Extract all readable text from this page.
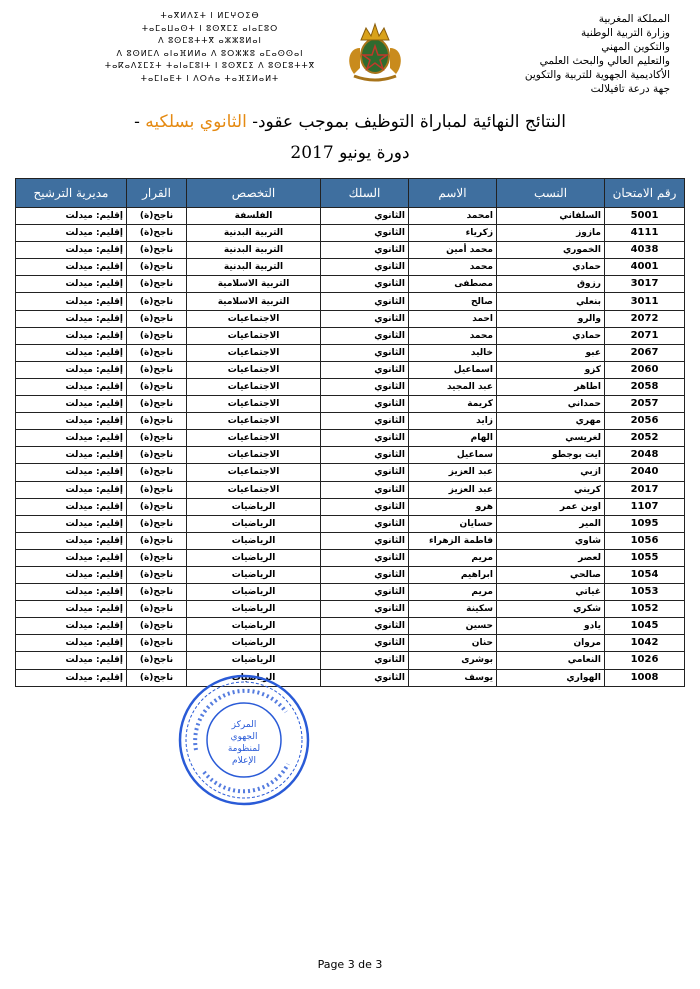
المملكة المغربية
وزارة التربية الوطنية
والتكوين المهني
والتعليم العالي والبحث العلمي
الأكاديمية الجهوية للتربية والتكوين
جهة درعة تافيلالت
ⵜⴰⴳⵍⴷⵉⵜ ⵏ ⵍⵎⵖⵔⵉⴱ
ⵜⴰⵎⴰⵡⴰⵙⵜ ⵏ ⵓⵙⴳⵎⵉ ⴰⵏⴰⵎⵓⵔ
ⴷ ⵓⵙⵎⵓⵜⵜⴳ ⴰⵣⵣⵓⵍⴰⵏ
ⴷ ⵓⵙⵍⵎⴷ ⴰⵏⴰⴼⵍⵍⴰ ⴷ ⵓⵔⵣⵣⵓ ⴰⵎⴰⵙⵙⴰⵏ
ⵜⴰⴽⴰⴷⵉⵎⵉⵜ ⵜⴰⵏⴰⵎⵓⵏⵜ ⵏ ⵓⵙⴳⵎⵉ ⴷ ⵓⵙⵎⵓⵜⵜⴳ
ⵜⴰⵎⵏⴰⴹⵜ ⵏ ⴷⵔⵄⴰ ⵜⴰⴼⵉⵍⴰⵍⵜ
النتائج النهائية لمباراة التوظيف بموجب عقود- الثانوي بسلكيه -
دورة يونيو 2017
رقم الامتحان	النسب	الاسم	السلك	التخصص	القرار	مديرية الترشيح
5001	السلفاني	امحمد	الثانوي	الفلسفة	ناجح(ة)	إقليم: ميدلت
4111	مازوز	زكرياء	الثانوي	التربية البدنية	ناجح(ة)	إقليم: ميدلت
4038	الخموري	محمد أمين	الثانوي	التربية البدنية	ناجح(ة)	إقليم: ميدلت
4001	حمادي	محمد	الثانوي	التربية البدنية	ناجح(ة)	إقليم: ميدلت
3017	رزوق	مصطفى	الثانوي	التربية الاسلامية	ناجح(ة)	إقليم: ميدلت
3011	بنعلي	صالح	الثانوي	التربية الاسلامية	ناجح(ة)	إقليم: ميدلت
2072	والرو	احمد	الثانوي	الاجتماعيات	ناجح(ة)	إقليم: ميدلت
2071	حمادي	محمد	الثانوي	الاجتماعيات	ناجح(ة)	إقليم: ميدلت
2067	عبو	خاليد	الثانوي	الاجتماعيات	ناجح(ة)	إقليم: ميدلت
2060	كزو	اسماعيل	الثانوي	الاجتماعيات	ناجح(ة)	إقليم: ميدلت
2058	اطاهر	عبد المجيد	الثانوي	الاجتماعيات	ناجح(ة)	إقليم: ميدلت
2057	حمداني	كريمة	الثانوي	الاجتماعيات	ناجح(ة)	إقليم: ميدلت
2056	مهري	زايد	الثانوي	الاجتماعيات	ناجح(ة)	إقليم: ميدلت
2052	لغريسي	الهام	الثانوي	الاجتماعيات	ناجح(ة)	إقليم: ميدلت
2048	ايت بوجطو	سماعيل	الثانوي	الاجتماعيات	ناجح(ة)	إقليم: ميدلت
2040	ازبي	عبد العزيز	الثانوي	الاجتماعيات	ناجح(ة)	إقليم: ميدلت
2017	كريني	عبد العزيز	الثانوي	الاجتماعيات	ناجح(ة)	إقليم: ميدلت
1107	اوبن عمر	هرو	الثانوي	الرياضيات	ناجح(ة)	إقليم: ميدلت
1095	المير	حسايان	الثانوي	الرياضيات	ناجح(ة)	إقليم: ميدلت
1056	شاوي	فاطمة الزهراء	الثانوي	الرياضيات	ناجح(ة)	إقليم: ميدلت
1055	لعصر	مريم	الثانوي	الرياضيات	ناجح(ة)	إقليم: ميدلت
1054	صالحي	ابراهيم	الثانوي	الرياضيات	ناجح(ة)	إقليم: ميدلت
1053	غياتي	مريم	الثانوي	الرياضيات	ناجح(ة)	إقليم: ميدلت
1052	شكري	سكينة	الثانوي	الرياضيات	ناجح(ة)	إقليم: ميدلت
1045	يادو	حسين	الثانوي	الرياضيات	ناجح(ة)	إقليم: ميدلت
1042	مروان	حنان	الثانوي	الرياضيات	ناجح(ة)	إقليم: ميدلت
1026	النعامي	بوشرى	الثانوي	الرياضيات	ناجح(ة)	إقليم: ميدلت
1008	الهواري	يوسف	الثانوي	الرياضيات	ناجح(ة)	إقليم: ميدلت
المركز
الجهوي
لمنظومة
الإعلام
Page 3 de 3
